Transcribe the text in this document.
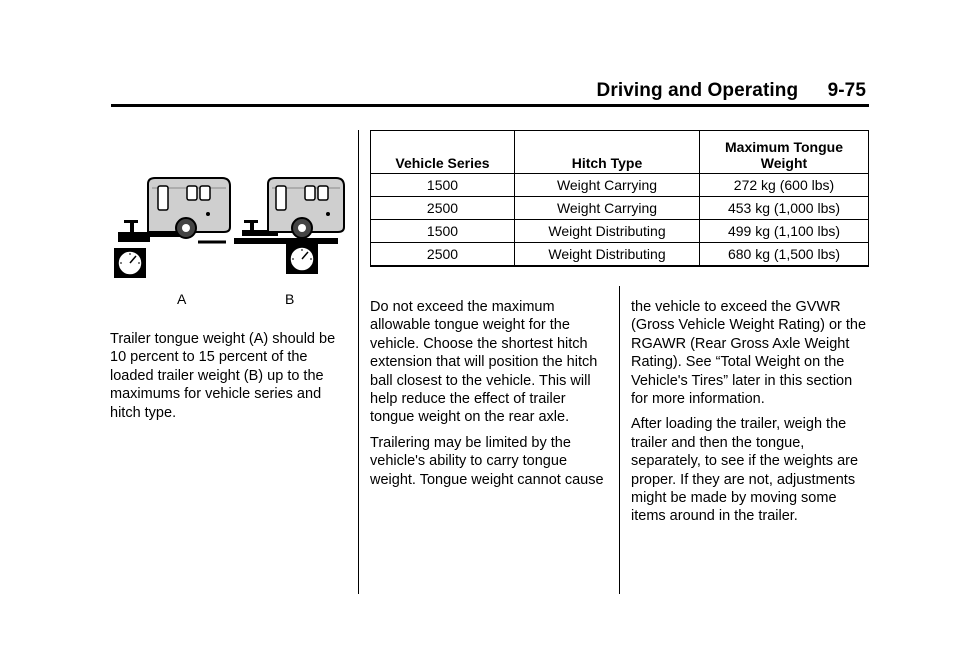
Driving and Operating 9-75
A	B

Trailer tongue weight (A) should be 10 percent to 15 percent of the loaded trailer weight (B) up to the maximums for vehicle series and hitch type.

Vehicle Series	Hitch Type	Maximum Tongue Weight
1500	Weight Carrying	272 kg (600 lbs)
2500	Weight Carrying	453 kg (1,000 lbs)
1500	Weight Distributing	499 kg (1,100 lbs)
2500	Weight Distributing	680 kg (1,500 lbs)

Do not exceed the maximum allowable tongue weight for the vehicle. Choose the shortest hitch extension that will position the hitch ball closest to the vehicle. This will help reduce the effect of trailer tongue weight on the rear axle.

Trailering may be limited by the vehicle's ability to carry tongue weight. Tongue weight cannot cause

the vehicle to exceed the GVWR (Gross Vehicle Weight Rating) or the RGAWR (Rear Gross Axle Weight Rating). See “Total Weight on the Vehicle's Tires” later in this section for more information.

After loading the trailer, weigh the trailer and then the tongue, separately, to see if the weights are proper. If they are not, adjustments might be made by moving some items around in the trailer.
